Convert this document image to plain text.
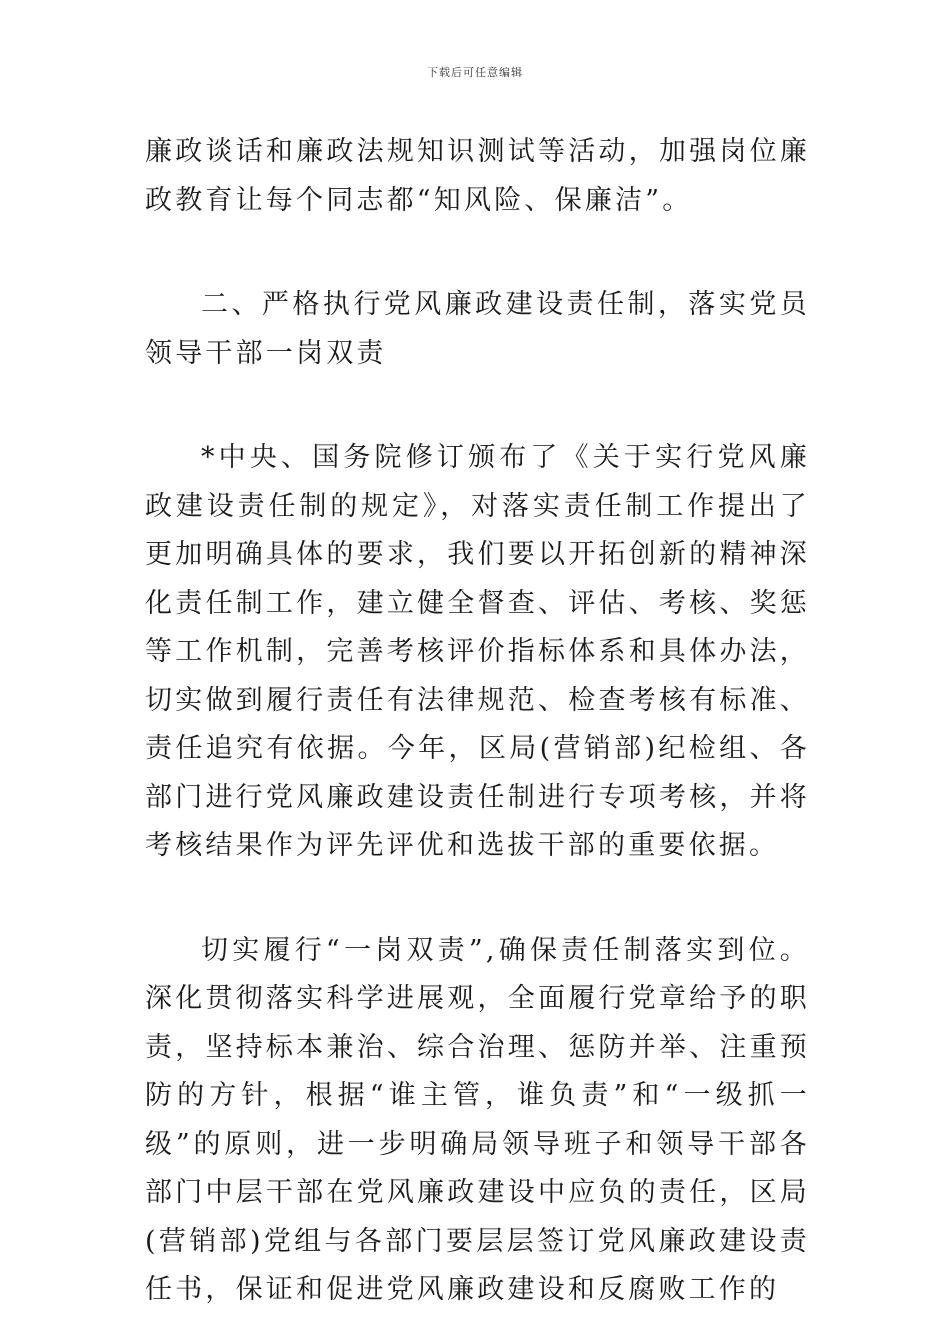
下载后可任意编辑

廉政谈话和廉政法规知识测试等活动，加强岗位廉政教育让每个同志都“知风险、保廉洁”。

二、严格执行党风廉政建设责任制，落实党员领导干部一岗双责

*中央、国务院修订颁布了《关于实行党风廉政建设责任制的规定》，对落实责任制工作提出了更加明确具体的要求，我们要以开拓创新的精神深化责任制工作，建立健全督查、评估、考核、奖惩等工作机制，完善考核评价指标体系和具体办法，切实做到履行责任有法律规范、检查考核有标准、责任追究有依据。今年，区局(营销部)纪检组、各部门进行党风廉政建设责任制进行专项考核，并将考核结果作为评先评优和选拔干部的重要依据。

切实履行“一岗双责”,确保责任制落实到位。深化贯彻落实科学进展观，全面履行党章给予的职责，坚持标本兼治、综合治理、惩防并举、注重预防的方针，根据“谁主管，谁负责”和“一级抓一级”的原则，进一步明确局领导班子和领导干部各部门中层干部在党风廉政建设中应负的责任，区局(营销部)党组与各部门要层层签订党风廉政建设责任书，保证和促进党风廉政建设和反腐败工作的
